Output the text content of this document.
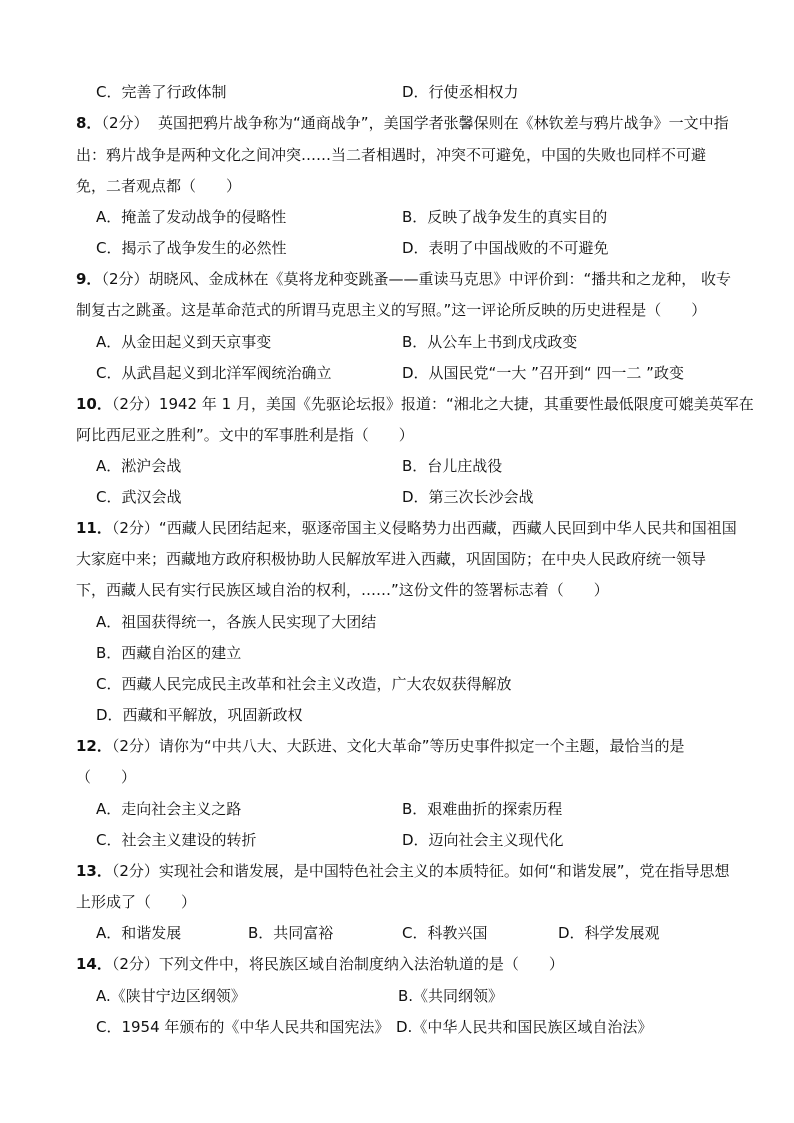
C．完善了行政体制	D．行使丞相权力
8．（2分） 英国把鸦片战争称为“通商战争”，美国学者张馨保则在《林钦差与鸦片战争》一文中指
出：鸦片战争是两种文化之间冲突……当二者相遇时，冲突不可避免，中国的失败也同样不可避
免，二者观点都（　　）
A．掩盖了发动战争的侵略性	B．反映了战争发生的真实目的
C．揭示了战争发生的必然性	D．表明了中国战败的不可避免
9．（2分）胡晓风、金成林在《莫将龙种变跳蚤——重读马克思》中评价到：“播共和之龙种， 收专
制复古之跳蚤。这是革命范式的所谓马克思主义的写照。”这一评论所反映的历史进程是（　　）
A．从金田起义到天京事变	B．从公车上书到戊戌政变
C．从武昌起义到北洋军阀统治确立	D．从国民党“一大 ”召开到“ 四一二 ”政变
10．（2分）1942 年 1 月，美国《先驱论坛报》报道：“湘北之大捷，其重要性最低限度可媲美英军在
阿比西尼亚之胜利”。文中的军事胜利是指（　　）
A．淞沪会战	B．台儿庄战役
C．武汉会战	D．第三次长沙会战
11．（2分）“西藏人民团结起来，驱逐帝国主义侵略势力出西藏，西藏人民回到中华人民共和国祖国
大家庭中来；西藏地方政府积极协助人民解放军进入西藏，巩固国防；在中央人民政府统一领导
下，西藏人民有实行民族区域自治的权利，……”这份文件的签署标志着（　　）
A．祖国获得统一，各族人民实现了大团结
B．西藏自治区的建立
C．西藏人民完成民主改革和社会主义改造，广大农奴获得解放
D．西藏和平解放，巩固新政权
12．（2分）请你为“中共八大、大跃进、文化大革命”等历史事件拟定一个主题，最恰当的是
（　　）
A．走向社会主义之路	B．艰难曲折的探索历程
C．社会主义建设的转折	D．迈向社会主义现代化
13．（2分）实现社会和谐发展，是中国特色社会主义的本质特征。如何“和谐发展”，党在指导思想
上形成了（　　）
A．和谐发展	B．共同富裕	C．科教兴国	D．科学发展观
14．（2分）下列文件中，将民族区域自治制度纳入法治轨道的是（　　）
A.《陕甘宁边区纲领》	B.《共同纲领》
C．1954 年颁布的《中华人民共和国宪法》 D.《中华人民共和国民族区域自治法》
